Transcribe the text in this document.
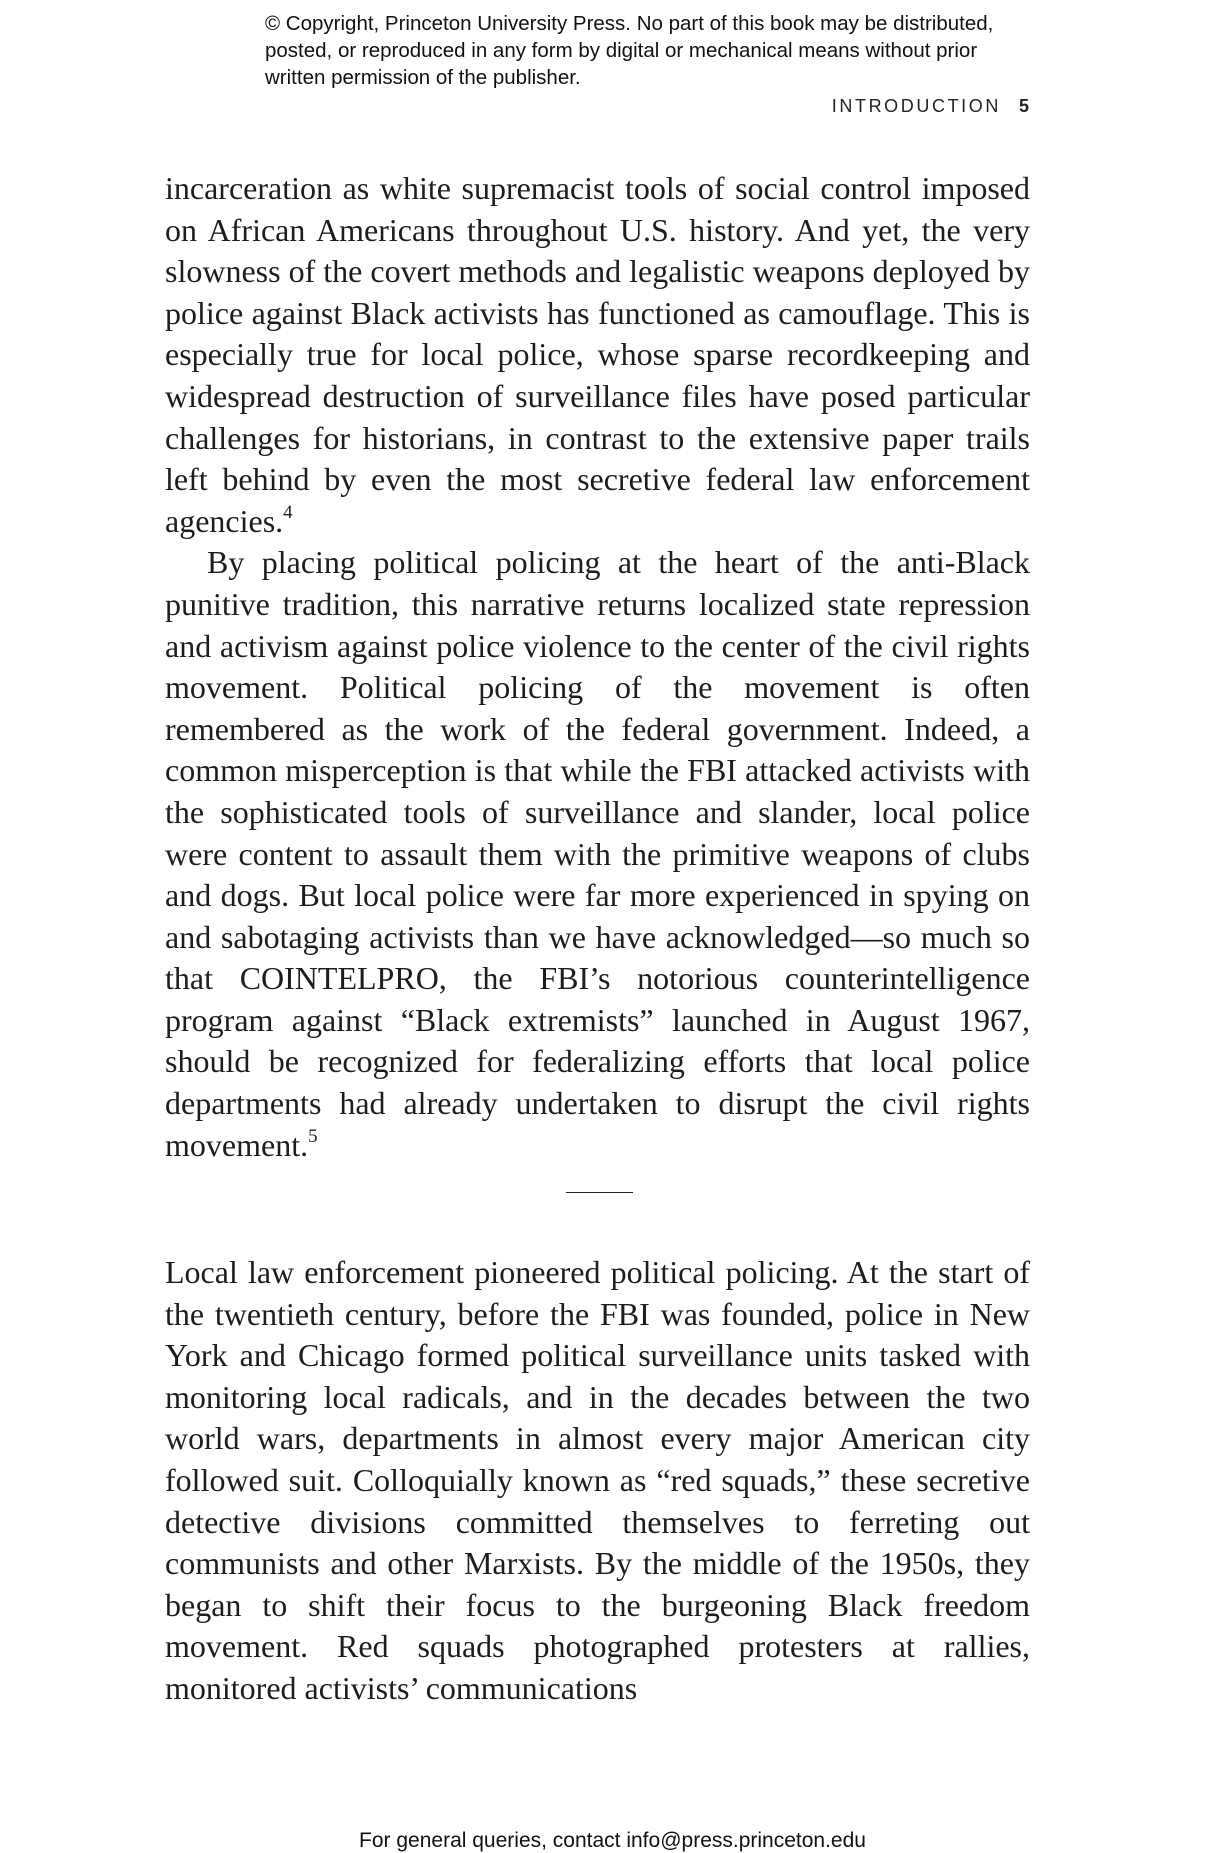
© Copyright, Princeton University Press. No part of this book may be distributed, posted, or reproduced in any form by digital or mechanical means without prior written permission of the publisher.
INTRODUCTION 5

incarceration as white supremacist tools of social control imposed on African Americans throughout U.S. history. And yet, the very slowness of the covert methods and legalistic weapons deployed by police against Black activists has functioned as camouflage. This is especially true for local police, whose sparse recordkeeping and widespread destruction of surveillance files have posed particular challenges for historians, in contrast to the extensive paper trails left behind by even the most secretive federal law enforcement agencies.$^4$

By placing political policing at the heart of the anti-Black punitive tradition, this narrative returns localized state repression and activism against police violence to the center of the civil rights movement. Political policing of the movement is often remembered as the work of the federal government. Indeed, a common misperception is that while the FBI attacked activists with the sophisticated tools of surveillance and slander, local police were content to assault them with the primitive weapons of clubs and dogs. But local police were far more experienced in spying on and sabotaging activists than we have acknowledged—so much so that COINTELPRO, the FBI’s notorious counterintelligence program against “Black extremists” launched in August 1967, should be recognized for federalizing efforts that local police departments had already undertaken to disrupt the civil rights movement.$^5$

Local law enforcement pioneered political policing. At the start of the twentieth century, before the FBI was founded, police in New York and Chicago formed political surveillance units tasked with monitoring local radicals, and in the decades between the two world wars, departments in almost every major American city followed suit. Colloquially known as “red squads,” these secretive detective divisions committed themselves to ferreting out communists and other Marxists. By the middle of the 1950s, they began to shift their focus to the burgeoning Black freedom movement. Red squads photographed protesters at rallies, monitored activists’ communications

For general queries, contact info@press.princeton.edu
